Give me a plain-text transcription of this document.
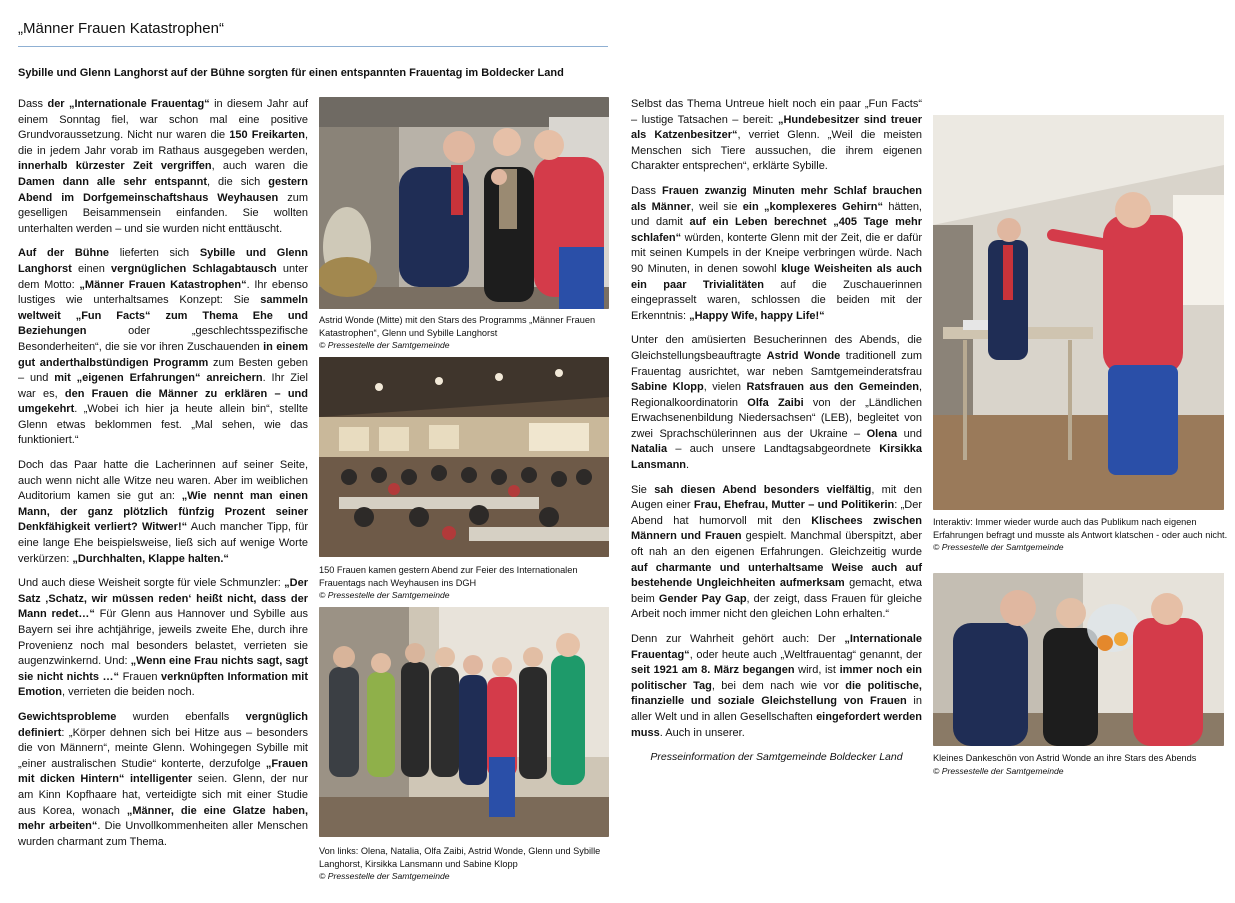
„Männer Frauen Katastrophen“
Sybille und Glenn Langhorst auf der Bühne sorgten für einen entspannten Frauentag im Boldecker Land

Dass der „Internationale Frauentag“ in diesem Jahr auf einem Sonntag fiel, war schon mal eine positive Grundvoraussetzung. Nicht nur waren die 150 Freikarten, die in jedem Jahr vorab im Rathaus ausgegeben werden, innerhalb kürzester Zeit vergriffen, auch waren die Damen dann alle sehr entspannt, die sich gestern Abend im Dorfgemeinschaftshaus Weyhausen zum geselligen Beisammensein einfanden. Sie wollten unterhalten werden – und sie wurden nicht enttäuscht.

Auf der Bühne lieferten sich Sybille und Glenn Langhorst einen vergnüglichen Schlagabtausch unter dem Motto: „Männer Frauen Katastrophen“. Ihr ebenso lustiges wie unterhaltsames Konzept: Sie sammeln weltweit „Fun Facts“ zum Thema Ehe und Beziehungen oder „geschlechtsspezifische Besonderheiten“, die sie vor ihren Zuschauenden in einem gut anderthalbstündigen Programm zum Besten geben – und mit „eigenen Erfahrungen“ anreichern. Ihr Ziel war es, den Frauen die Männer zu erklären – und umgekehrt. „Wobei ich hier ja heute allein bin“, stellte Glenn etwas beklommen fest. „Mal sehen, wie das funktioniert.“

Doch das Paar hatte die Lacherinnen auf seiner Seite, auch wenn nicht alle Witze neu waren. Aber im weiblichen Auditorium kamen sie gut an: „Wie nennt man einen Mann, der ganz plötzlich fünfzig Prozent seiner Denkfähigkeit verliert? Witwer!“ Auch mancher Tipp, für eine lange Ehe beispielsweise, ließ sich auf wenige Worte verkürzen: „Durchhalten, Klappe halten.“

Und auch diese Weisheit sorgte für viele Schmunzler: „Der Satz ‚Schatz, wir müssen reden‘ heißt nicht, dass der Mann redet…“ Für Glenn aus Hannover und Sybille aus Bayern sei ihre achtjährige, jeweils zweite Ehe, durch ihre Provenienz noch mal besonders belastet, verrieten sie augenzwinkernd. Und: „Wenn eine Frau nichts sagt, sagt sie nicht nichts …“ Frauen verknüpften Information mit Emotion, verrieten die beiden noch.

Gewichtsprobleme wurden ebenfalls vergnüglich definiert: „Körper dehnen sich bei Hitze aus – besonders die von Männern“, meinte Glenn. Wohingegen Sybille mit „einer australischen Studie“ konterte, derzufolge „Frauen mit dicken Hintern“ intelligenter seien. Glenn, der nur am Kinn Kopfhaare hat, verteidigte sich mit einer Studie aus Korea, wonach „Männer, die eine Glatze haben, mehr arbeiten“. Die Unvollkommenheiten aller Menschen wurden charmant zum Thema.

Astrid Wonde (Mitte) mit den Stars des Programms „Männer Frauen Katastrophen“, Glenn und Sybille Langhorst
© Pressestelle der Samtgemeinde
150 Frauen kamen gestern Abend zur Feier des Internationalen Frauentags nach Weyhausen ins DGH
© Pressestelle der Samtgemeinde
Von links: Olena, Natalia, Olfa Zaibi, Astrid Wonde, Glenn und Sybille Langhorst, Kirsikka Lansmann und Sabine Klopp
© Pressestelle der Samtgemeinde

Selbst das Thema Untreue hielt noch ein paar „Fun Facts“ – lustige Tatsachen – bereit: „Hundebesitzer sind treuer als Katzenbesitzer“, verriet Glenn. „Weil die meisten Menschen sich Tiere aussuchen, die ihrem eigenen Charakter entsprechen“, erklärte Sybille.

Dass Frauen zwanzig Minuten mehr Schlaf brauchen als Männer, weil sie ein „komplexeres Gehirn“ hätten, und damit auf ein Leben berechnet „405 Tage mehr schlafen“ würden, konterte Glenn mit der Zeit, die er dafür mit seinen Kumpels in der Kneipe verbringen würde. Nach 90 Minuten, in denen sowohl kluge Weisheiten als auch ein paar Trivialitäten auf die Zuschauerinnen eingeprasselt waren, schlossen die beiden mit der Erkenntnis: „Happy Wife, happy Life!“

Unter den amüsierten Besucherinnen des Abends, die Gleichstellungsbeauftragte Astrid Wonde traditionell zum Frauentag ausrichtet, war neben Samtgemeinderatsfrau Sabine Klopp, vielen Ratsfrauen aus den Gemeinden, Regionalkoordinatorin Olfa Zaibi von der „Ländlichen Erwachsenenbildung Niedersachsen“ (LEB), begleitet von zwei Sprachschülerinnen aus der Ukraine – Olena und Natalia – auch unsere Landtagsabgeordnete Kirsikka Lansmann.

Sie sah diesen Abend besonders vielfältig, mit den Augen einer Frau, Ehefrau, Mutter – und Politikerin: „Der Abend hat humorvoll mit den Klischees zwischen Männern und Frauen gespielt. Manchmal überspitzt, aber oft nah an den eigenen Erfahrungen. Gleichzeitig wurde auf charmante und unterhaltsame Weise auch auf bestehende Ungleichheiten aufmerksam gemacht, etwa beim Gender Pay Gap, der zeigt, dass Frauen für gleiche Arbeit noch immer nicht den gleichen Lohn erhalten.“

Denn zur Wahrheit gehört auch: Der „Internationale Frauentag“, oder heute auch „Weltfrauentag“ genannt, der seit 1921 am 8. März begangen wird, ist immer noch ein politischer Tag, bei dem nach wie vor die politische, finanzielle und soziale Gleichstellung von Frauen in aller Welt und in allen Gesellschaften eingefordert werden muss. Auch in unserer.

Presseinformation der Samtgemeinde Boldecker Land
Interaktiv: Immer wieder wurde auch das Publikum nach eigenen Erfahrungen befragt und musste als Antwort klatschen - oder auch nicht.
© Pressestelle der Samtgemeinde
Kleines Dankeschön von Astrid Wonde an ihre Stars des Abends
© Pressestelle der Samtgemeinde
